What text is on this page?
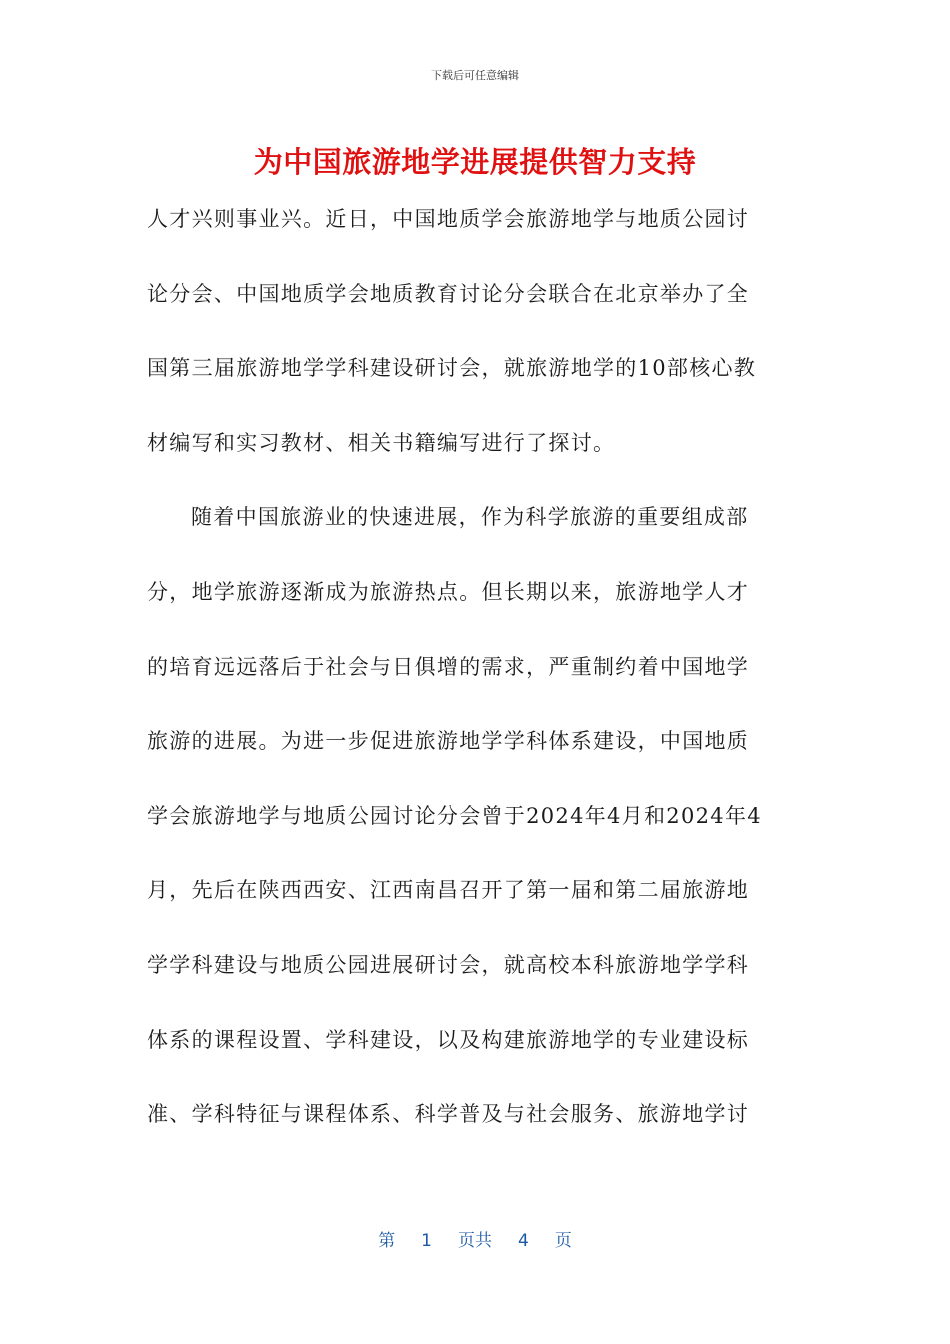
下载后可任意编辑
为中国旅游地学进展提供智力支持
人才兴则事业兴。近日，中国地质学会旅游地学与地质公园讨
论分会、中国地质学会地质教育讨论分会联合在北京举办了全
国第三届旅游地学学科建设研讨会，就旅游地学的10部核心教
材编写和实习教材、相关书籍编写进行了探讨。
随着中国旅游业的快速进展，作为科学旅游的重要组成部
分，地学旅游逐渐成为旅游热点。但长期以来，旅游地学人才
的培育远远落后于社会与日俱增的需求，严重制约着中国地学
旅游的进展。为进一步促进旅游地学学科体系建设，中国地质
学会旅游地学与地质公园讨论分会曾于2024年4月和2024年4
月，先后在陕西西安、江西南昌召开了第一届和第二届旅游地
学学科建设与地质公园进展研讨会，就高校本科旅游地学学科
体系的课程设置、学科建设，以及构建旅游地学的专业建设标
准、学科特征与课程体系、科学普及与社会服务、旅游地学讨
第 1 页共 4 页
